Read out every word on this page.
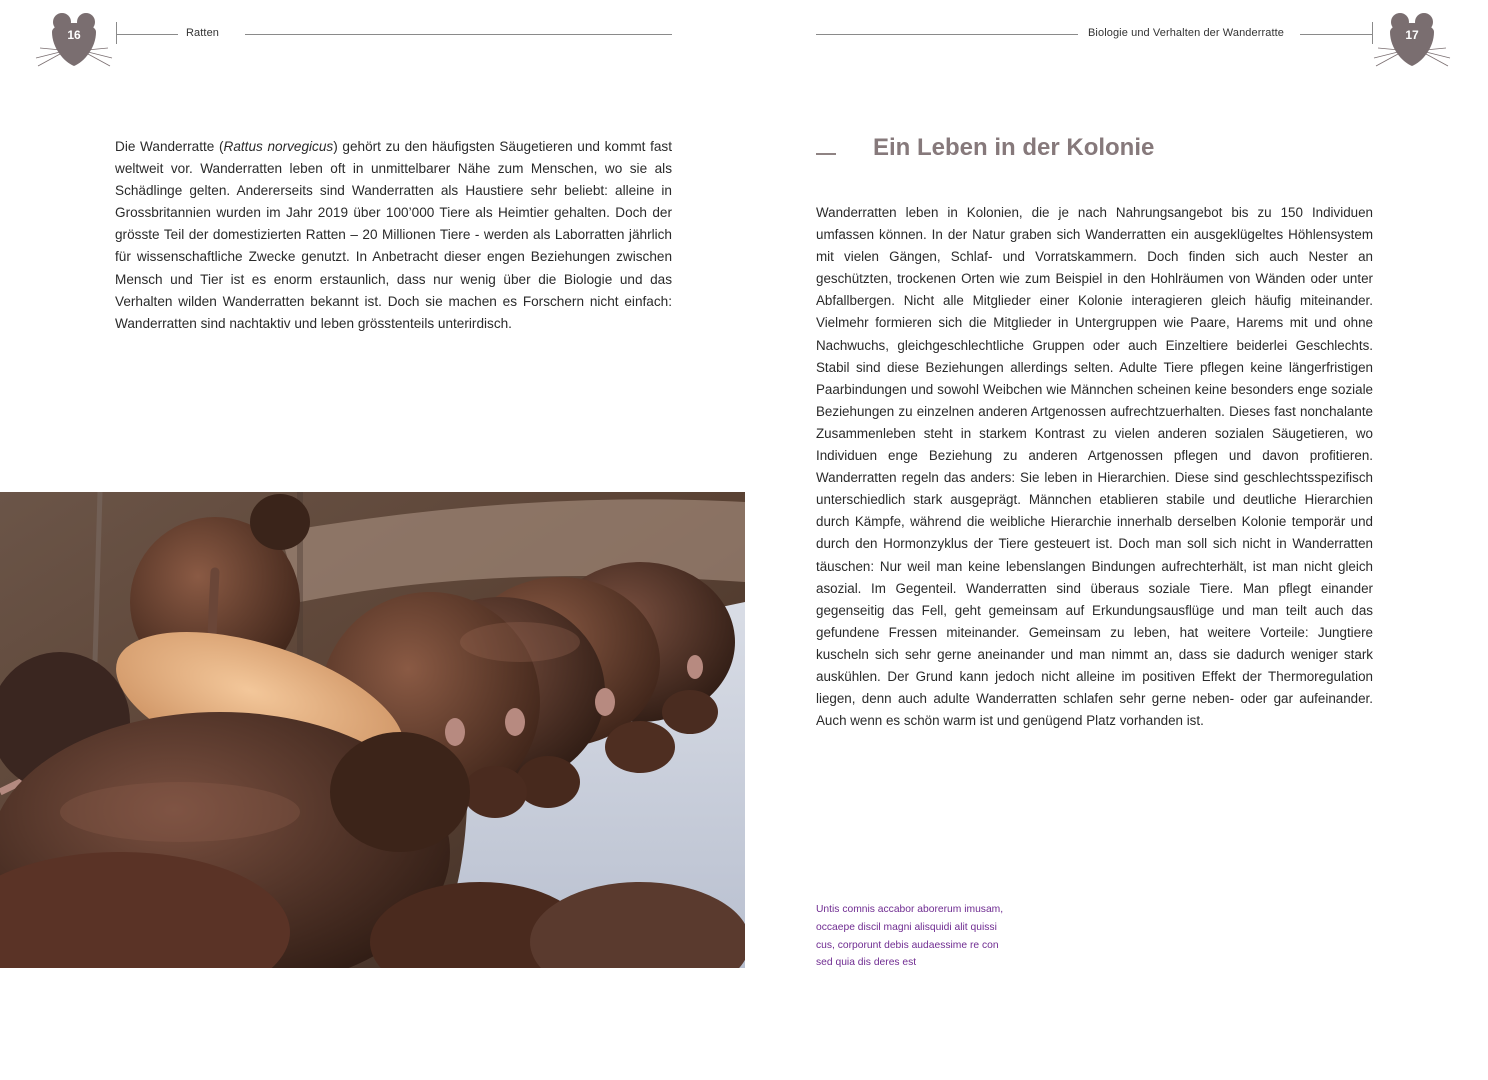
16	Ratten	Biologie und Verhalten der Wanderratte	17

Die Wanderratte (Rattus norvegicus) gehört zu den häufigsten Säugetieren und kommt fast weltweit vor. Wanderratten leben oft in unmittelbarer Nähe zum Menschen, wo sie als Schädlinge gelten. Andererseits sind Wanderratten als Haustiere sehr beliebt: alleine in Grossbritannien wurden im Jahr 2019 über 100’000 Tiere als Heimtier gehalten. Doch der grösste Teil der domestizierten Ratten – 20 Millionen Tiere - werden als Laborratten jährlich für wissenschaftliche Zwecke genutzt. In Anbetracht dieser engen Beziehungen zwischen Mensch und Tier ist es enorm erstaunlich, dass nur wenig über die Biologie und das Verhalten wilden Wanderratten bekannt ist. Doch sie machen es Forschern nicht einfach: Wanderratten sind nachtaktiv und leben grösstenteils unterirdisch.

Ein Leben in der Kolonie

Wanderratten leben in Kolonien, die je nach Nahrungsangebot bis zu 150 Individuen umfassen können. In der Natur graben sich Wanderratten ein ausgeklügeltes Höhlensystem mit vielen Gängen, Schlaf- und Vorratskammern. Doch finden sich auch Nester an geschützten, trockenen Orten wie zum Beispiel in den Hohlräumen von Wänden oder unter Abfallbergen. Nicht alle Mitglieder einer Kolonie interagieren gleich häufig miteinander. Vielmehr formieren sich die Mitglieder in Untergruppen wie Paare, Harems mit und ohne Nachwuchs, gleichgeschlechtliche Gruppen oder auch Einzeltiere beiderlei Geschlechts. Stabil sind diese Beziehungen allerdings selten. Adulte Tiere pflegen keine längerfristigen Paarbindungen und sowohl Weibchen wie Männchen scheinen keine besonders enge soziale Beziehungen zu einzelnen anderen Artgenossen aufrechtzuerhalten. Dieses fast nonchalante Zusammenleben steht in starkem Kontrast zu vielen anderen sozialen Säugetieren, wo Individuen enge Beziehung zu anderen Artgenossen pflegen und davon profitieren. Wanderratten regeln das anders: Sie leben in Hierarchien. Diese sind geschlechtsspezifisch unterschiedlich stark ausgeprägt. Männchen etablieren stabile und deutliche Hierarchien durch Kämpfe, während die weibliche Hierarchie innerhalb derselben Kolonie temporär und durch den Hormonzyklus der Tiere gesteuert ist. Doch man soll sich nicht in Wanderratten täuschen: Nur weil man keine lebenslangen Bindungen aufrechterhält, ist man nicht gleich asozial. Im Gegenteil. Wanderratten sind überaus soziale Tiere. Man pflegt einander gegenseitig das Fell, geht gemeinsam auf Erkundungsausflüge und man teilt auch das gefundene Fressen miteinander. Gemeinsam zu leben, hat weitere Vorteile: Jungtiere kuscheln sich sehr gerne aneinander und man nimmt an, dass sie dadurch weniger stark auskühlen. Der Grund kann jedoch nicht alleine im positiven Effekt der Thermoregulation liegen, denn auch adulte Wanderratten schlafen sehr gerne neben- oder gar aufeinander. Auch wenn es schön warm ist und genügend Platz vorhanden ist.

Untis comnis accabor aborerum imusam, occaepe discil magni alisquidi alit quissi cus, corporunt debis audaessime re con sed quia dis deres est
